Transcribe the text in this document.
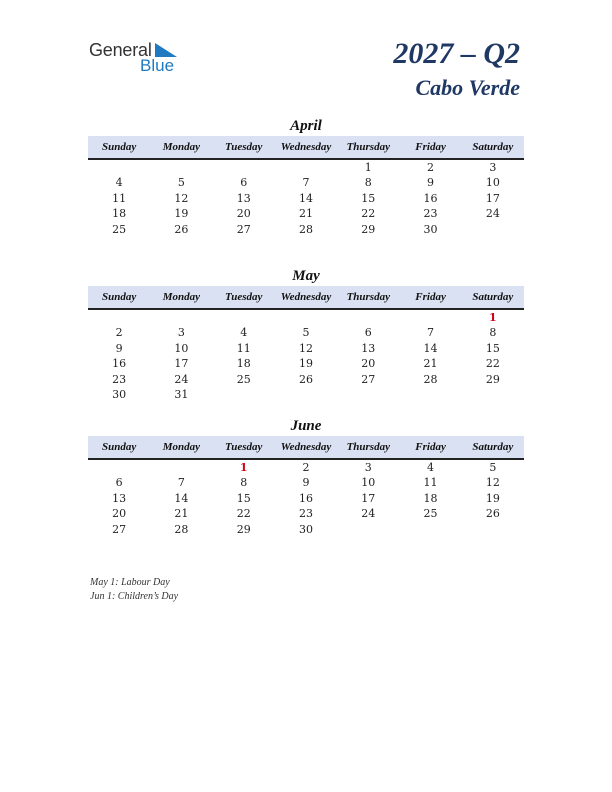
General
Blue	2027 – Q2
Cabo Verde
April
Sunday	Monday	Tuesday	Wednesday	Thursday	Friday	Saturday
				1	2	3
4	5	6	7	8	9	10
11	12	13	14	15	16	17
18	19	20	21	22	23	24
25	26	27	28	29	30	
May
Sunday	Monday	Tuesday	Wednesday	Thursday	Friday	Saturday
						1
2	3	4	5	6	7	8
9	10	11	12	13	14	15
16	17	18	19	20	21	22
23	24	25	26	27	28	29
30	31					
June
Sunday	Monday	Tuesday	Wednesday	Thursday	Friday	Saturday
		1	2	3	4	5
6	7	8	9	10	11	12
13	14	15	16	17	18	19
20	21	22	23	24	25	26
27	28	29	30			
May 1: Labour Day
Jun 1: Children’s Day
